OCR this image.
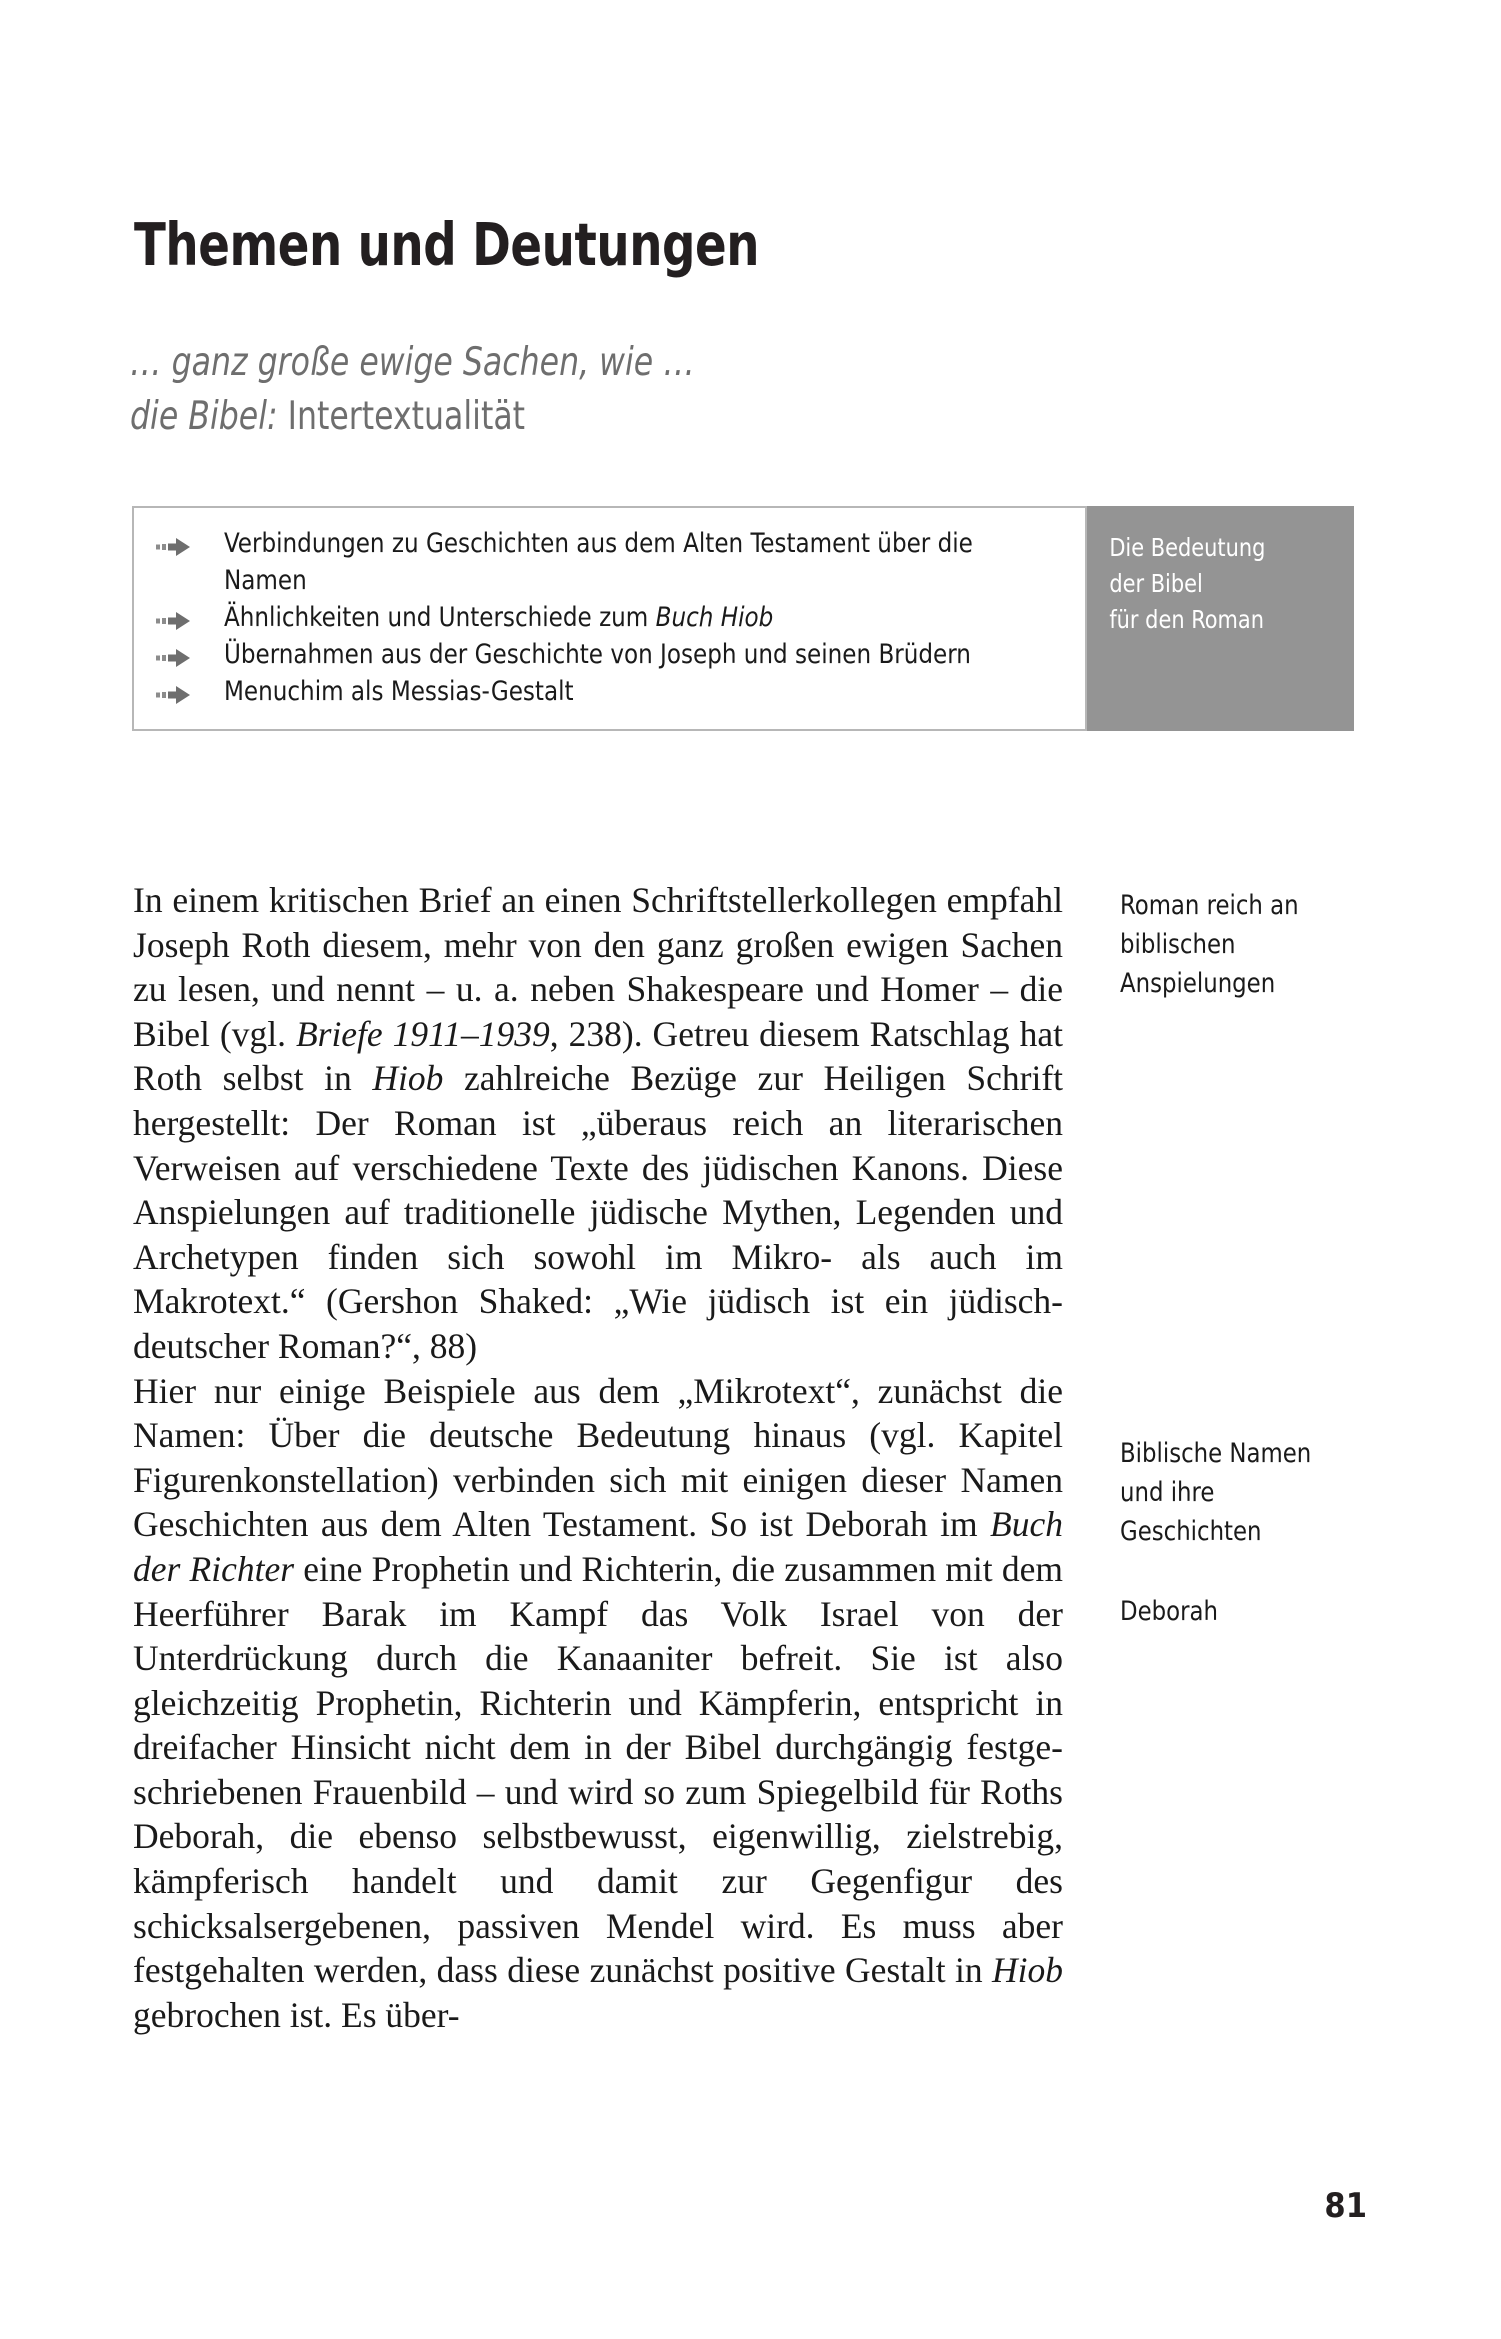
Themen und Deutungen
… ganz große ewige Sachen, wie …
die Bibel: Intertextualität
Verbindungen zu Geschichten aus dem Alten Testament über die Namen
Ähnlichkeiten und Unterschiede zum Buch Hiob
Übernahmen aus der Geschichte von Joseph und seinen Brüdern
Menuchim als Messias-Gestalt
Die Bedeutung
der Bibel
für den Roman

In einem kritischen Brief an einen Schriftstellerkollegen empfahl Joseph Roth diesem, mehr von den ganz großen ewigen Sachen zu lesen, und nennt – u. a. neben Shakespeare und Homer – die Bibel (vgl. Briefe 1911–1939, 238). Getreu diesem Ratschlag hat Roth selbst in Hiob zahlreiche Bezüge zur Heiligen Schrift hergestellt: Der Roman ist „überaus reich an literarischen Verweisen auf verschiedene Texte des jüdischen Kanons. Diese Anspielungen auf traditionelle jüdische Mythen, Legenden und Archetypen finden sich sowohl im Mikro- als auch im Makrotext.“ (Gershon Shaked: „Wie jüdisch ist ein jüdisch-deutscher Roman?“, 88)

Hier nur einige Beispiele aus dem „Mikrotext“, zunächst die Namen: Über die deutsche Bedeutung hinaus (vgl. Kapitel Figurenkonstellation) verbinden sich mit einigen dieser Namen Geschichten aus dem Alten Testament. So ist Deborah im Buch der Richter eine Prophetin und Richterin, die zusammen mit dem Heerführer Barak im Kampf das Volk Israel von der Unterdrückung durch die Kanaaniter befreit. Sie ist also gleichzeitig Prophetin, Richterin und Kämpferin, entspricht in dreifacher Hinsicht nicht dem in der Bibel durchgängig festgeschriebenen Frauenbild – und wird so zum Spiegelbild für Roths Deborah, die ebenso selbstbewusst, eigenwillig, zielstrebig, kämpferisch handelt und damit zur Gegenfigur des schicksalsergebenen, passiven Mendel wird. Es muss aber festgehalten werden, dass diese zunächst positive Gestalt in Hiob gebrochen ist. Es über-

Roman reich an
biblischen
Anspielungen
Biblische Namen
und ihre
Geschichten
Deborah
81
